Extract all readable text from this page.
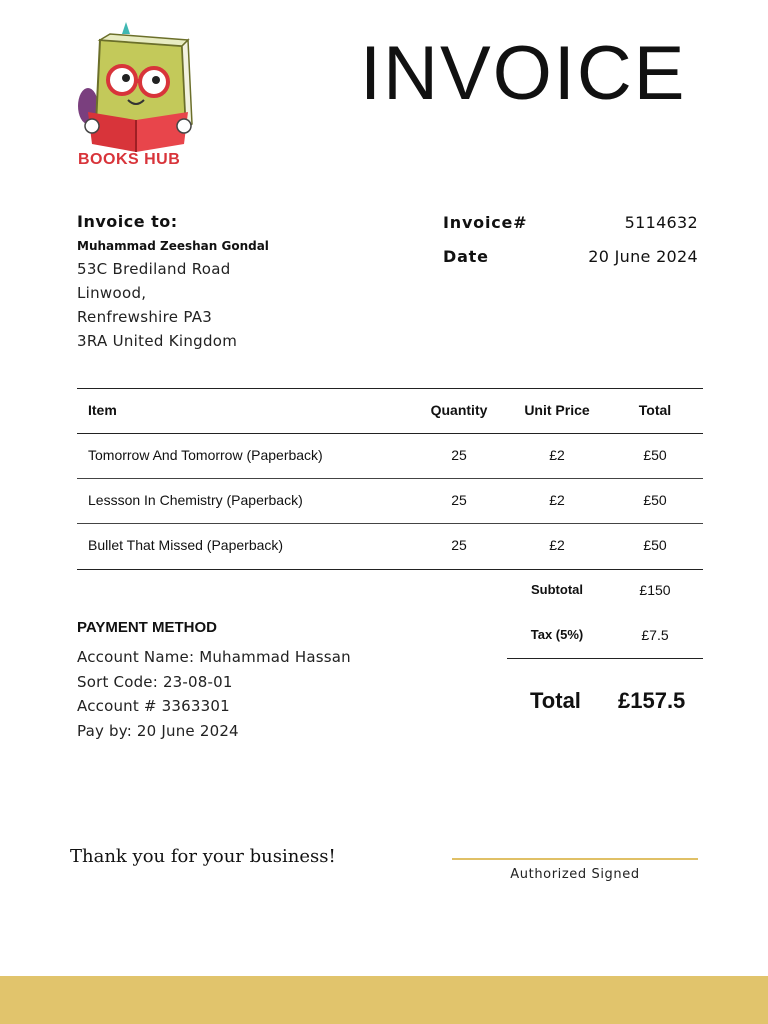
BOOKS HUB
INVOICE
Invoice to:
Muhammad Zeeshan Gondal
53C Brediland Road
Linwood,
Renfrewshire PA3
3RA United Kingdom
Invoice#	5114632
Date	20 June 2024
Item	Quantity	Unit Price	Total
Tomorrow And Tomorrow (Paperback)	25	£2	£50
Lessson In Chemistry (Paperback)	25	£2	£50
Bullet That Missed (Paperback)	25	£2	£50
Subtotal	£150
Tax (5%)	£7.5
Total £157.5
PAYMENT METHOD
Account Name: Muhammad Hassan
Sort Code: 23-08-01
Account # 3363301
Pay by: 20 June 2024
Thank you for your business!
Authorized Signed
